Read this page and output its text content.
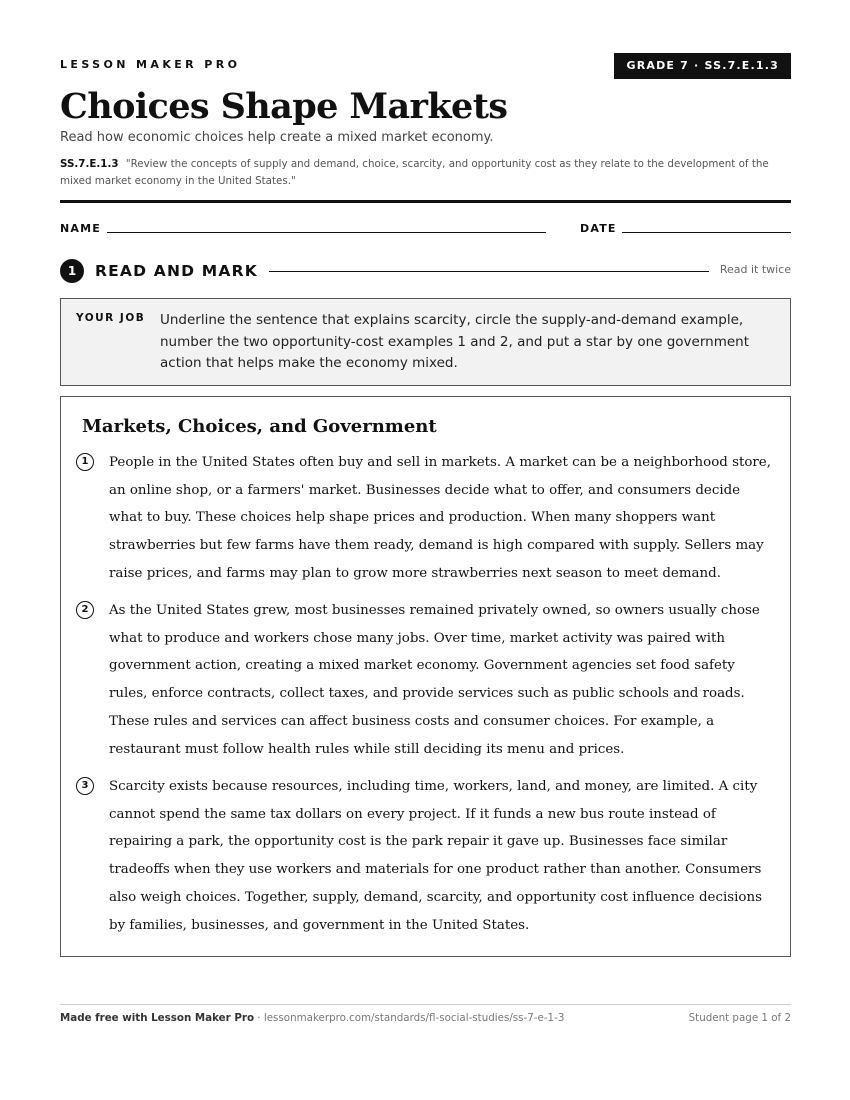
LESSON MAKER PRO	GRADE 7 · SS.7.E.1.3
Choices Shape Markets
Read how economic choices help create a mixed market economy.
SS.7.E.1.3 "Review the concepts of supply and demand, choice, scarcity, and opportunity cost as they relate to the development of the mixed market economy in the United States."
NAME	DATE
1	READ AND MARK	Read it twice
YOUR JOB Underline the sentence that explains scarcity, circle the supply-and-demand example, number the two opportunity-cost examples 1 and 2, and put a star by one government action that helps make the economy mixed.
Markets, Choices, and Government
1	People in the United States often buy and sell in markets. A market can be a neighborhood store, an online shop, or a farmers' market. Businesses decide what to offer, and consumers decide what to buy. These choices help shape prices and production. When many shoppers want strawberries but few farms have them ready, demand is high compared with supply. Sellers may raise prices, and farms may plan to grow more strawberries next season to meet demand.

2	As the United States grew, most businesses remained privately owned, so owners usually chose what to produce and workers chose many jobs. Over time, market activity was paired with government action, creating a mixed market economy. Government agencies set food safety rules, enforce contracts, collect taxes, and provide services such as public schools and roads. These rules and services can affect business costs and consumer choices. For example, a restaurant must follow health rules while still deciding its menu and prices.

3	Scarcity exists because resources, including time, workers, land, and money, are limited. A city cannot spend the same tax dollars on every project. If it funds a new bus route instead of repairing a park, the opportunity cost is the park repair it gave up. Businesses face similar tradeoffs when they use workers and materials for one product rather than another. Consumers also weigh choices. Together, supply, demand, scarcity, and opportunity cost influence decisions by families, businesses, and government in the United States.

Made free with Lesson Maker Pro · lessonmakerpro.com/standards/fl-social-studies/ss-7-e-1-3	Student page 1 of 2
